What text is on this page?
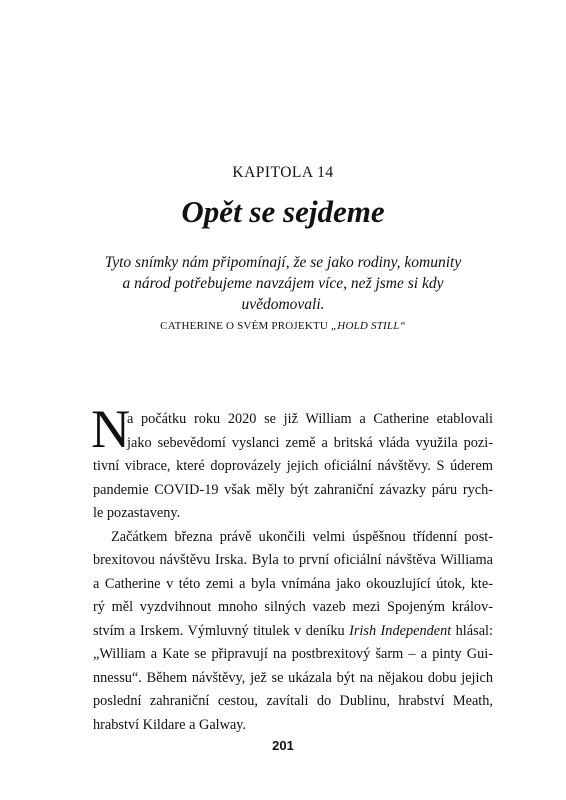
KAPITOLA 14
Opět se sejdeme
Tyto snímky nám připomínají, že se jako rodiny, komunity
a národ potřebujeme navzájem více, než jsme si kdy
uvědomovali.
CATHERINE O SVÉM PROJEKTU „HOLD STILL“
N
a počátku roku 2020 se již William a Catherine etablovali
jako sebevědomí vyslanci země a britská vláda využila pozi-
tivní vibrace, které doprovázely jejich oficiální návštěvy. S úderem
pandemie COVID-19 však měly být zahraniční závazky páru rych-
le pozastaveny.
Začátkem března právě ukončili velmi úspěšnou třídenní post-
brexitovou návštěvu Irska. Byla to první oficiální návštěva Williama
a Catherine v této zemi a byla vnímána jako okouzlující útok, kte-
rý měl vyzdvihnout mnoho silných vazeb mezi Spojeným králov-
stvím a Irskem. Výmluvný titulek v deníku Irish Independent hlásal:
„William a Kate se připravují na postbrexitový šarm – a pinty Gui-
nnessu“. Během návštěvy, jež se ukázala být na nějakou dobu jejich
poslední zahraniční cestou, zavítali do Dublinu, hrabství Meath,
hrabství Kildare a Galway.
201
